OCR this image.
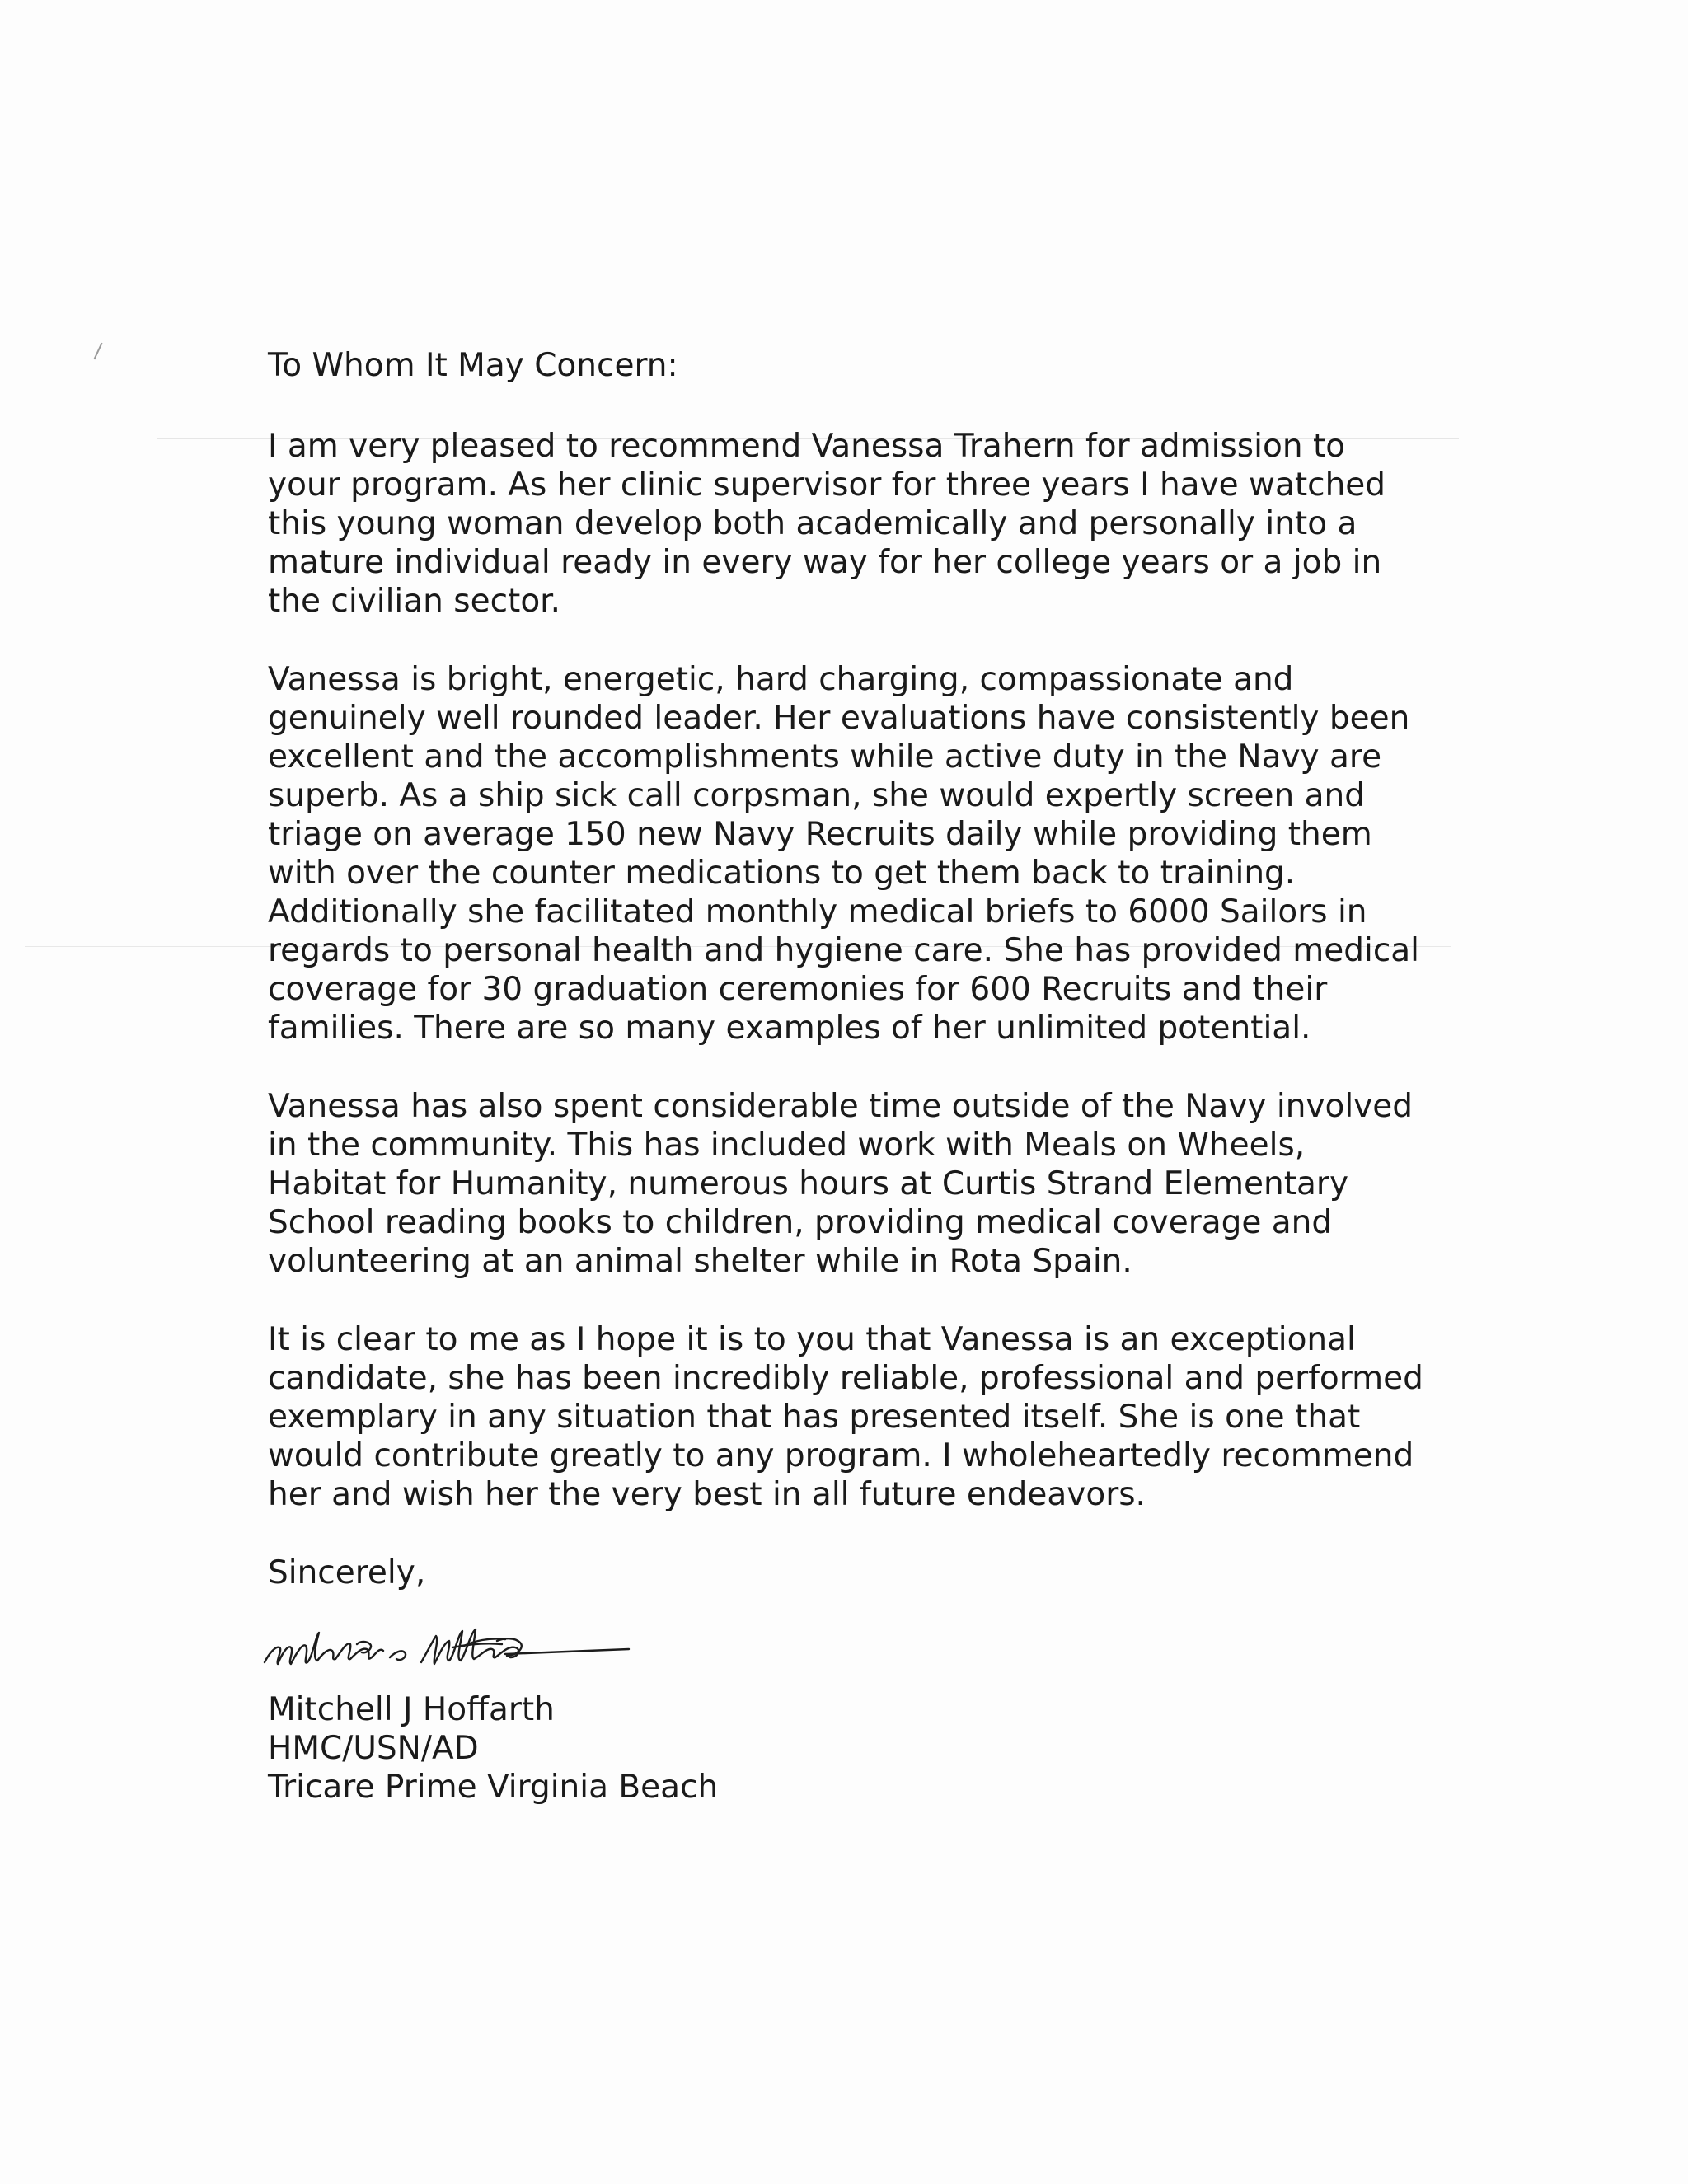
To Whom It May Concern:
I am very pleased to recommend Vanessa Trahern for admission to
your program. As her clinic supervisor for three years I have watched
this young woman develop both academically and personally into a
mature individual ready in every way for her college years or a job in
the civilian sector.
Vanessa is bright, energetic, hard charging, compassionate and
genuinely well rounded leader. Her evaluations have consistently been
excellent and the accomplishments while active duty in the Navy are
superb. As a ship sick call corpsman, she would expertly screen and
triage on average 150 new Navy Recruits daily while providing them
with over the counter medications to get them back to training.
Additionally she facilitated monthly medical briefs to 6000 Sailors in
regards to personal health and hygiene care. She has provided medical
coverage for 30 graduation ceremonies for 600 Recruits and their
families. There are so many examples of her unlimited potential.
Vanessa has also spent considerable time outside of the Navy involved
in the community. This has included work with Meals on Wheels,
Habitat for Humanity, numerous hours at Curtis Strand Elementary
School reading books to children, providing medical coverage and
volunteering at an animal shelter while in Rota Spain.
It is clear to me as I hope it is to you that Vanessa is an exceptional
candidate, she has been incredibly reliable, professional and performed
exemplary in any situation that has presented itself. She is one that
would contribute greatly to any program. I wholeheartedly recommend
her and wish her the very best in all future endeavors.
Sincerely,
Mitchell J Hoffarth
HMC/USN/AD
Tricare Prime Virginia Beach
